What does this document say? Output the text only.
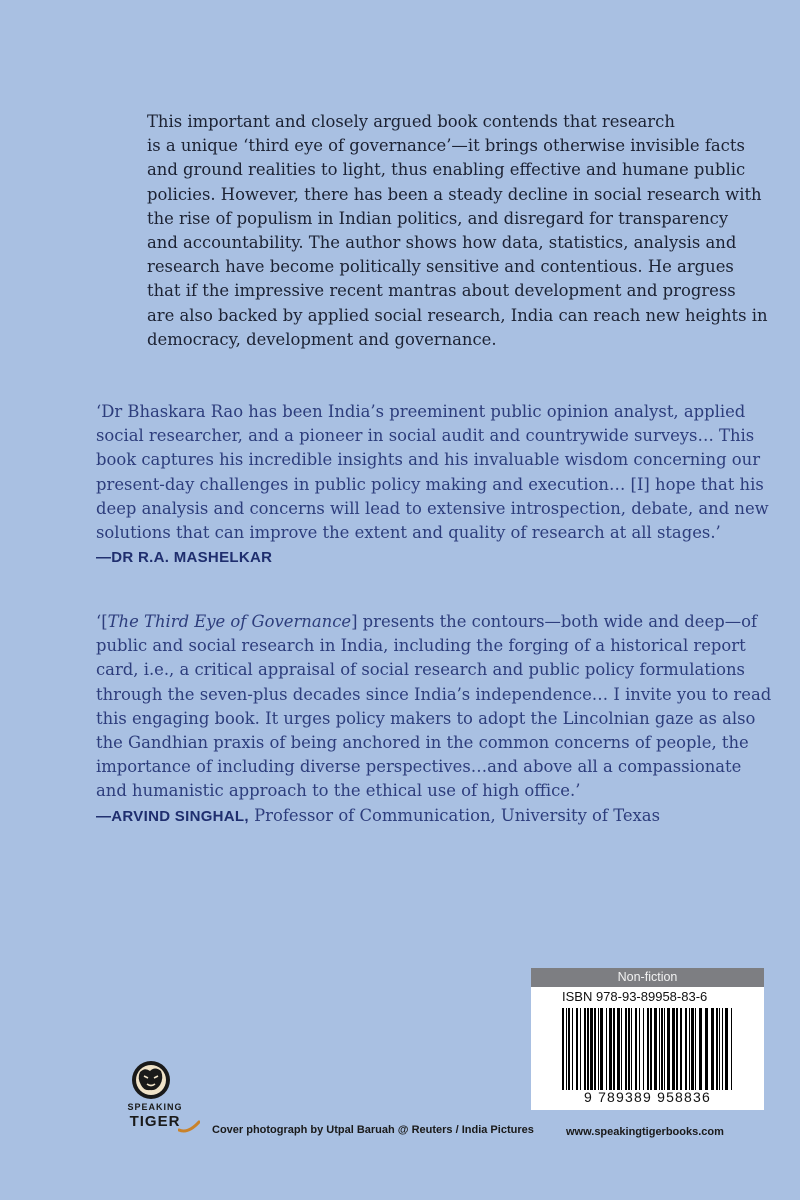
This important and closely argued book contends that research

is a unique ‘third eye of governance’—it brings otherwise invisible facts

and ground realities to light, thus enabling effective and humane public

policies. However, there has been a steady decline in social research with

the rise of populism in Indian politics, and disregard for transparency

and accountability. The author shows how data, statistics, analysis and

research have become politically sensitive and contentious. He argues

that if the impressive recent mantras about development and progress

are also backed by applied social research, India can reach new heights in

democracy, development and governance.

‘Dr Bhaskara Rao has been India’s preeminent public opinion analyst, applied

social researcher, and a pioneer in social audit and countrywide surveys… This

book captures his incredible insights and his invaluable wisdom concerning our

present-day challenges in public policy making and execution… [I] hope that his

deep analysis and concerns will lead to extensive introspection, debate, and new

solutions that can improve the extent and quality of research at all stages.’

—DR R.A. MASHELKAR

‘[The Third Eye of Governance] presents the contours—both wide and deep—of

public and social research in India, including the forging of a historical report

card, i.e., a critical appraisal of social research and public policy formulations

through the seven-plus decades since India’s independence… I invite you to read

this engaging book. It urges policy makers to adopt the Lincolnian gaze as also

the Gandhian praxis of being anchored in the common concerns of people, the

importance of including diverse perspectives…and above all a compassionate

and humanistic approach to the ethical use of high office.’

—ARVIND SINGHAL, Professor of Communication, University of Texas

Non-fiction
ISBN 978-93-89958-83-6
9 789389 958836
SPEAKING
TIGER	Cover photograph by Utpal Baruah @ Reuters / India Pictures	www.speakingtigerbooks.com
